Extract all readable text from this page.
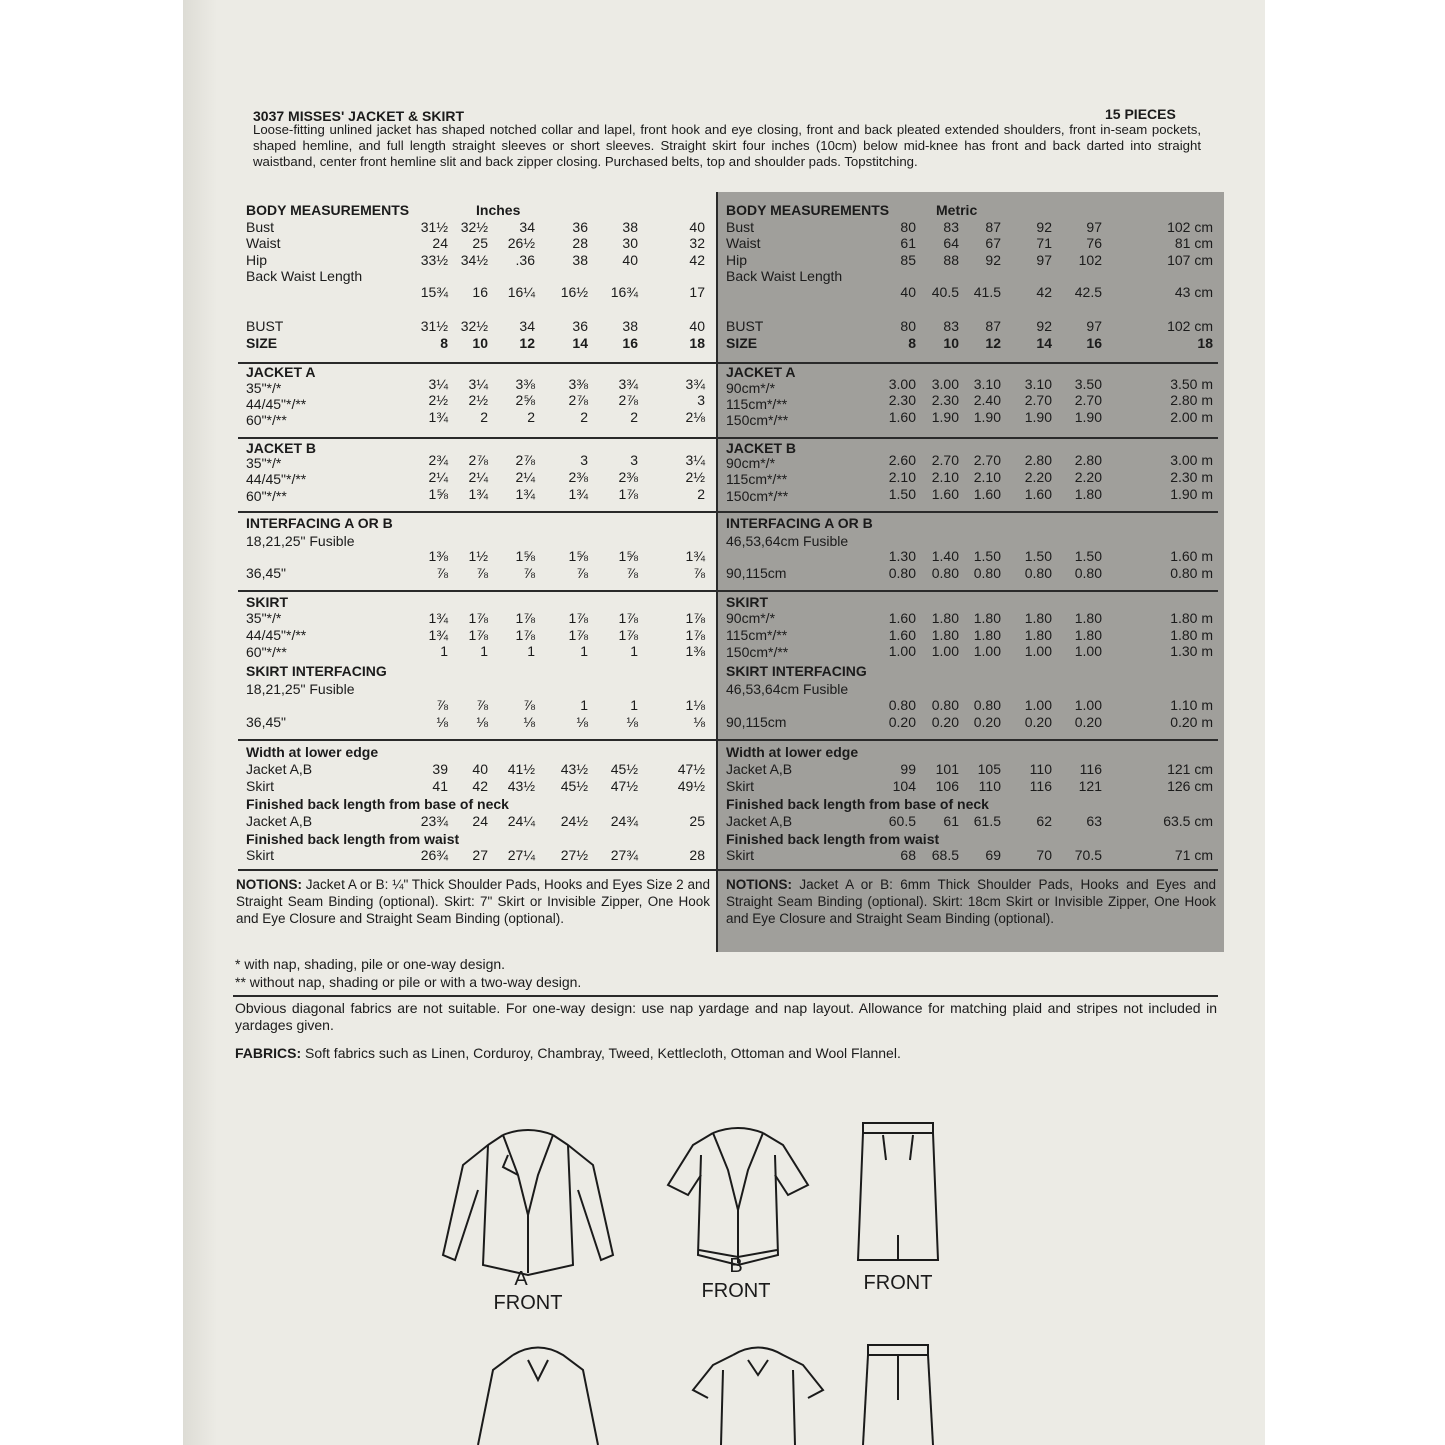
3037 MISSES' JACKET & SKIRT	15 PIECES
Loose-fitting unlined jacket has shaped notched collar and lapel, front hook and eye closing, front and back pleated extended shoulders, front in-seam pockets, shaped hemline, and full length straight sleeves or short sleeves. Straight skirt four inches (10cm) below mid-knee has front and back darted into straight waistband, center front hemline slit and back zipper closing. Purchased belts, top and shoulder pads. Topstitching.
BODY MEASUREMENTS	Inches
Bust	31½ 32½	34	36	38	40
Waist	24	25	26½	28	30	32
Hip	33½ 34½	.36	38	40	42
Back Waist Length
15¾	16	16¼	16½	16¾	17
BUST	31½ 32½	34	36	38	40
SIZE	8	10	12	14	16	18
JACKET A
35"*/*	3¼	3¼	3⅜	3⅜	3¾	3¾
44/45"*/**	2½	2½	2⅝	2⅞	2⅞	3
60"*/**	1¾	2	2	2	2	2⅛
JACKET B
35"*/*	2¾	2⅞	2⅞	3	3	3¼
44/45"*/**	2¼	2¼	2¼	2⅜	2⅜	2½
60"*/**	1⅝	1¾	1¾	1¾	1⅞	2
INTERFACING A OR B
18,21,25" Fusible
1⅜	1½	1⅝	1⅝	1⅝	1¾
36,45"	⅞	⅞	⅞	⅞	⅞	⅞
SKIRT
35"*/*	1¾	1⅞	1⅞	1⅞	1⅞	1⅞
44/45"*/**	1¾	1⅞	1⅞	1⅞	1⅞	1⅞
60"*/**	1	1	1	1	1	1⅜
SKIRT INTERFACING
18,21,25" Fusible
⅞	⅞	⅞	1	1	1⅛
36,45"	⅛	⅛	⅛	⅛	⅛	⅛
Width at lower edge
Jacket A,B	39	40	41½	43½	45½	47½
Skirt	41	42	43½	45½	47½	49½
Finished back length from base of neck
Jacket A,B	23¾	24	24¼	24½	24¾	25
Finished back length from waist
Skirt	26¾	27	27¼	27½	27¾	28
BODY MEASUREMENTS	Metric
Bust	80	83	87	92	97	102 cm
Waist	61	64	67	71	76	81 cm
Hip	85	88	92	97	102	107 cm
Back Waist Length
40	40.5	41.5	42	42.5	43 cm
BUST	80	83	87	92	97	102 cm
SIZE	8	10	12	14	16	18
JACKET A
90cm*/*	3.00	3.00	3.10	3.10	3.50	3.50 m
115cm*/**	2.30	2.30	2.40	2.70	2.70	2.80 m
150cm*/**	1.60	1.90	1.90	1.90	1.90	2.00 m
JACKET B
90cm*/*	2.60	2.70	2.70	2.80	2.80	3.00 m
115cm*/**	2.10	2.10	2.10	2.20	2.20	2.30 m
150cm*/**	1.50	1.60	1.60	1.60	1.80	1.90 m
INTERFACING A OR B
46,53,64cm Fusible
1.30	1.40	1.50	1.50	1.50	1.60 m
90,115cm	0.80	0.80	0.80	0.80	0.80	0.80 m
SKIRT
90cm*/*	1.60	1.80	1.80	1.80	1.80	1.80 m
115cm*/**	1.60	1.80	1.80	1.80	1.80	1.80 m
150cm*/**	1.00	1.00	1.00	1.00	1.00	1.30 m
SKIRT INTERFACING
46,53,64cm Fusible
0.80	0.80	0.80	1.00	1.00	1.10 m
90,115cm	0.20	0.20	0.20	0.20	0.20	0.20 m
Width at lower edge
Jacket A,B	99	101	105	110	116	121 cm
Skirt	104	106	110	116	121	126 cm
Finished back length from base of neck
Jacket A,B	60.5	61	61.5	62	63	63.5 cm
Finished back length from waist
Skirt	68	68.5	69	70	70.5	71 cm
NOTIONS: Jacket A or B: ¼" Thick Shoulder Pads, Hooks and Eyes Size 2 and Straight Seam Binding (optional). Skirt: 7" Skirt or Invisible Zipper, One Hook and Eye Closure and Straight Seam Binding (optional).
NOTIONS: Jacket A or B: 6mm Thick Shoulder Pads, Hooks and Eyes and Straight Seam Binding (optional). Skirt: 18cm Skirt or Invisible Zipper, One Hook and Eye Closure and Straight Seam Binding (optional).
* with nap, shading, pile or one-way design.
** without nap, shading or pile or with a two-way design.
Obvious diagonal fabrics are not suitable. For one-way design: use nap yardage and nap layout. Allowance for matching plaid and stripes not included in yardages given.
FABRICS: Soft fabrics such as Linen, Corduroy, Chambray, Tweed, Kettlecloth, Ottoman and Wool Flannel.
A
FRONT
B
FRONT	FRONT
